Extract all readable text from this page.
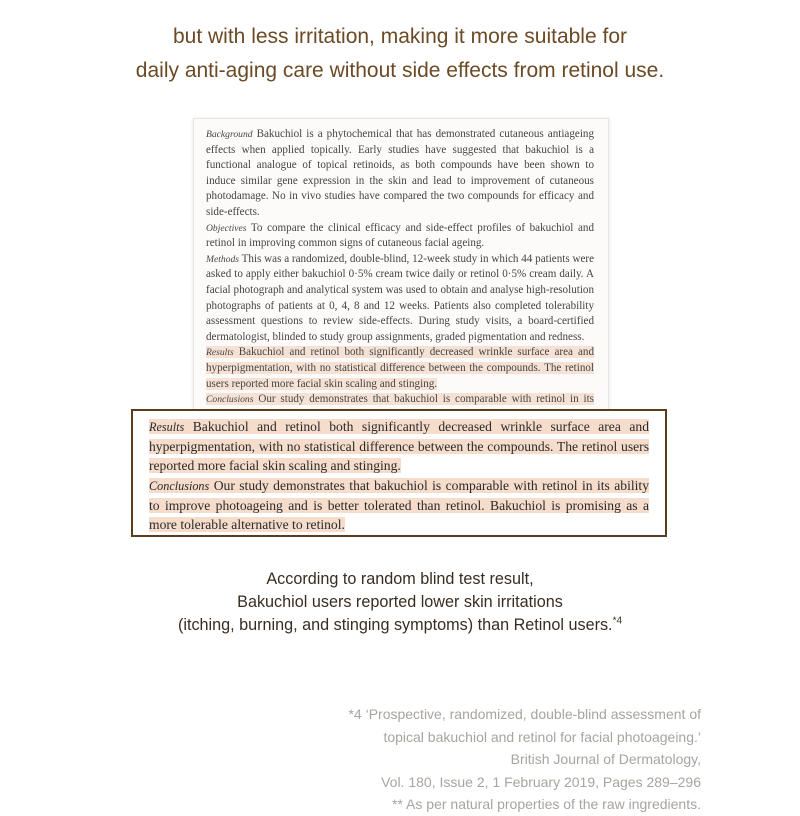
but with less irritation, making it more suitable for
daily anti-aging care without side effects from retinol use.

Background Bakuchiol is a phytochemical that has demonstrated cutaneous antiageing effects when applied topically. Early studies have suggested that bakuchiol is a functional analogue of topical retinoids, as both compounds have been shown to induce similar gene expression in the skin and lead to improvement of cutaneous photodamage. No in vivo studies have compared the two compounds for efficacy and side-effects.

Objectives To compare the clinical efficacy and side-effect profiles of bakuchiol and retinol in improving common signs of cutaneous facial ageing.

Methods This was a randomized, double-blind, 12-week study in which 44 patients were asked to apply either bakuchiol 0·5% cream twice daily or retinol 0·5% cream daily. A facial photograph and analytical system was used to obtain and analyse high-resolution photographs of patients at 0, 4, 8 and 12 weeks. Patients also completed tolerability assessment questions to review side-effects. During study visits, a board-certified dermatologist, blinded to study group assignments, graded pigmentation and redness.

Results Bakuchiol and retinol both significantly decreased wrinkle surface area and hyperpigmentation, with no statistical difference between the compounds. The retinol users reported more facial skin scaling and stinging.

Conclusions Our study demonstrates that bakuchiol is comparable with retinol in its

Results Bakuchiol and retinol both significantly decreased wrinkle surface area and hyperpigmentation, with no statistical difference between the compounds. The retinol users reported more facial skin scaling and stinging.

Conclusions Our study demonstrates that bakuchiol is comparable with retinol in its ability to improve photoageing and is better tolerated than retinol. Bakuchiol is promising as a more tolerable alternative to retinol.

According to random blind test result,
Bakuchiol users reported lower skin irritations
(itching, burning, and stinging symptoms) than Retinol users.$^{*4}$
*4 ‘Prospective, randomized, double-blind assessment of
topical bakuchiol and retinol for facial photoageing.’
British Journal of Dermatology,
Vol. 180, Issue 2, 1 February 2019, Pages 289–296
** As per natural properties of the raw ingredients.
